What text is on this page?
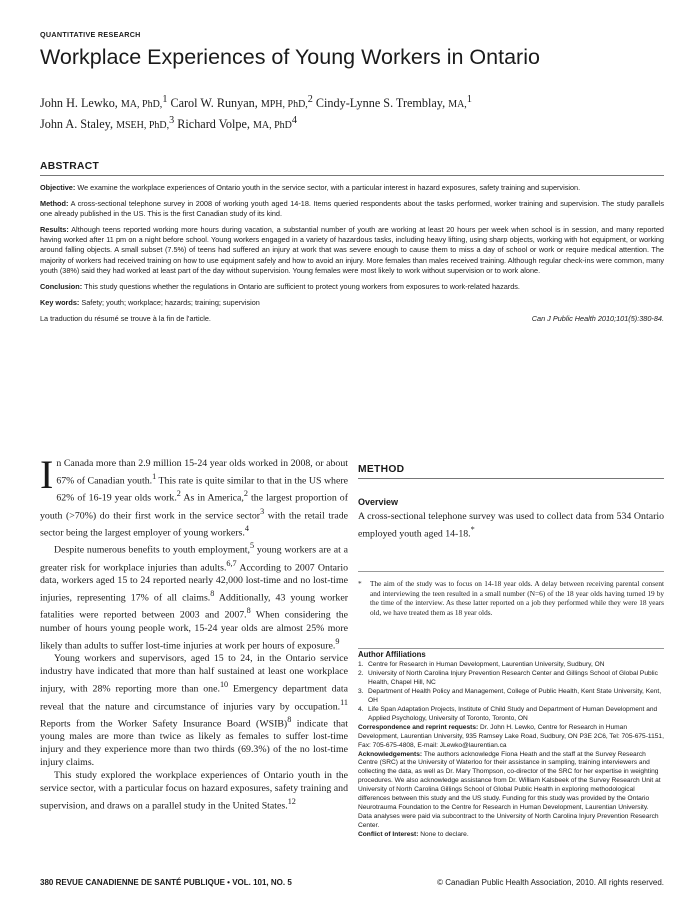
QUANTITATIVE RESEARCH
Workplace Experiences of Young Workers in Ontario
John H. Lewko, MA, PhD,$^1$ Carol W. Runyan, MPH, PhD,$^2$ Cindy-Lynne S. Tremblay, MA,$^1$
John A. Staley, MSEH, PhD,$^3$ Richard Volpe, MA, PhD$^4$
ABSTRACT

Objective: We examine the workplace experiences of Ontario youth in the service sector, with a particular interest in hazard exposures, safety training and supervision.

Method: A cross-sectional telephone survey in 2008 of working youth aged 14-18. Items queried respondents about the tasks performed, worker training and supervision. The study parallels one already published in the US. This is the first Canadian study of its kind.

Results: Although teens reported working more hours during vacation, a substantial number of youth are working at least 20 hours per week when school is in session, and many reported having worked after 11 pm on a night before school. Young workers engaged in a variety of hazardous tasks, including heavy lifting, using sharp objects, working with hot equipment, or working around falling objects. A small subset (7.5%) of teens had suffered an injury at work that was severe enough to cause them to miss a day of school or work or require medical attention. The majority of workers had received training on how to use equipment safely and how to avoid an injury. More females than males received training. Although regular check-ins were common, many youth (38%) said they had worked at least part of the day without supervision. Young females were most likely to work without supervision or to work alone.

Conclusion: This study questions whether the regulations in Ontario are sufficient to protect young workers from exposures to work-related hazards.

Key words: Safety; youth; workplace; hazards; training; supervision

La traduction du résumé se trouve à la fin de l'article.	Can J Public Health 2010;101(5):380-84.

In Canada more than 2.9 million 15-24 year olds worked in 2008, or about 67% of Canadian youth.$^1$ This rate is quite similar to that in the US where 62% of 16-19 year olds work.$^2$ As in America,$^2$ the largest proportion of youth (>70%) do their first work in the service sector$^3$ with the retail trade sector being the largest employer of young workers.$^4$

Despite numerous benefits to youth employment,$^5$ young workers are at a greater risk for workplace injuries than adults.$^{6,7}$ According to 2007 Ontario data, workers aged 15 to 24 reported nearly 42,000 lost-time and no lost-time injuries, representing 17% of all claims.$^8$ Additionally, 43 young worker fatalities were reported between 2003 and 2007.$^8$ When considering the number of hours young people work, 15-24 year olds are almost 25% more likely than adults to suffer lost-time injuries at work per hours of exposure.$^9$

Young workers and supervisors, aged 15 to 24, in the Ontario service industry have indicated that more than half sustained at least one workplace injury, with 28% reporting more than one.$^{10}$ Emergency department data reveal that the nature and circumstance of injuries vary by occupation.$^{11}$ Reports from the Worker Safety Insurance Board (WSIB)$^8$ indicate that young males are more than twice as likely as females to suffer lost-time injury and they experience more than two thirds (69.3%) of the no lost-time injury claims.

This study explored the workplace experiences of Ontario youth in the service sector, with a particular focus on hazard exposures, safety training and supervision, and draws on a parallel study in the United States.$^{12}$

METHOD
Overview
A cross-sectional telephone survey was used to collect data from 534 Ontario employed youth aged 14-18.*
*	The aim of the study was to focus on 14-18 year olds. A delay between receiving parental consent and interviewing the teen resulted in a small number (N=6) of the 18 year olds having turned 19 by the time of the interview. As these latter reported on a job they performed while they were 18 years old, we have treated them as 18 year olds.
Author Affiliations
1. Centre for Research in Human Development, Laurentian University, Sudbury, ON
2. University of North Carolina Injury Prevention Research Center and Gillings School of Global Public Health, Chapel Hill, NC
3. Department of Health Policy and Management, College of Public Health, Kent State University, Kent, OH
4. Life Span Adaptation Projects, Institute of Child Study and Department of Human Development and Applied Psychology, University of Toronto, Toronto, ON
Correspondence and reprint requests: Dr. John H. Lewko, Centre for Research in Human Development, Laurentian University, 935 Ramsey Lake Road, Sudbury, ON P3E 2C6, Tel: 705-675-1151, Fax: 705-675-4808, E-mail: JLewko@laurentian.ca
Acknowledgements: The authors acknowledge Fiona Heath and the staff at the Survey Research Centre (SRC) at the University of Waterloo for their assistance in sampling, training interviewers and collecting the data, as well as Dr. Mary Thompson, co-director of the SRC for her expertise in weighting procedures. We also acknowledge assistance from Dr. William Kalsbeek of the Survey Research Unit at University of North Carolina Gillings School of Global Public Health in exploring methodological differences between this study and the US study. Funding for this study was provided by the Ontario Neurotrauma Foundation to the Centre for Research in Human Development, Laurentian University. Data analyses were paid via subcontract to the University of North Carolina Injury Prevention Research Center.
Conflict of Interest: None to declare.
380 REVUE CANADIENNE DE SANTÉ PUBLIQUE • VOL. 101, NO. 5	© Canadian Public Health Association, 2010. All rights reserved.
